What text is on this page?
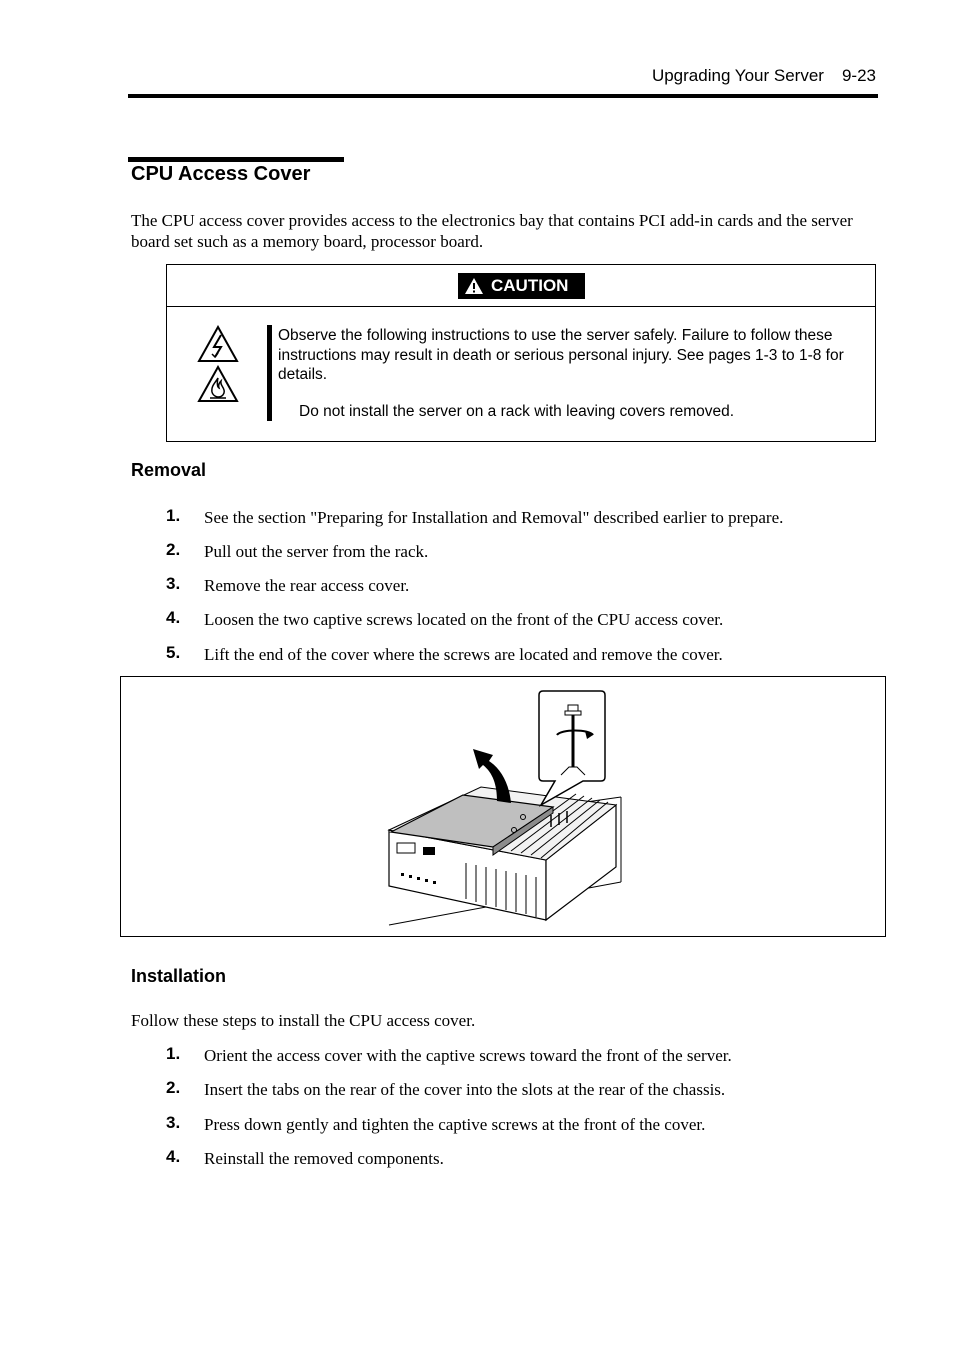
Upgrading Your Server 9-23
CPU Access Cover
The CPU access cover provides access to the electronics bay that contains PCI add-in cards and the server board set such as a memory board, processor board.
CAUTION
Observe the following instructions to use the server safely. Failure to follow these instructions may result in death or serious personal injury. See pages 1-3 to 1-8 for details.
Do not install the server on a rack with leaving covers removed.
Removal
1. See the section "Preparing for Installation and Removal" described earlier to prepare.
2. Pull out the server from the rack.
3. Remove the rear access cover.
4. Loosen the two captive screws located on the front of the CPU access cover.
5. Lift the end of the cover where the screws are located and remove the cover.
Installation
Follow these steps to install the CPU access cover.
1. Orient the access cover with the captive screws toward the front of the server.
2. Insert the tabs on the rear of the cover into the slots at the rear of the chassis.
3. Press down gently and tighten the captive screws at the front of the cover.
4. Reinstall the removed components.
